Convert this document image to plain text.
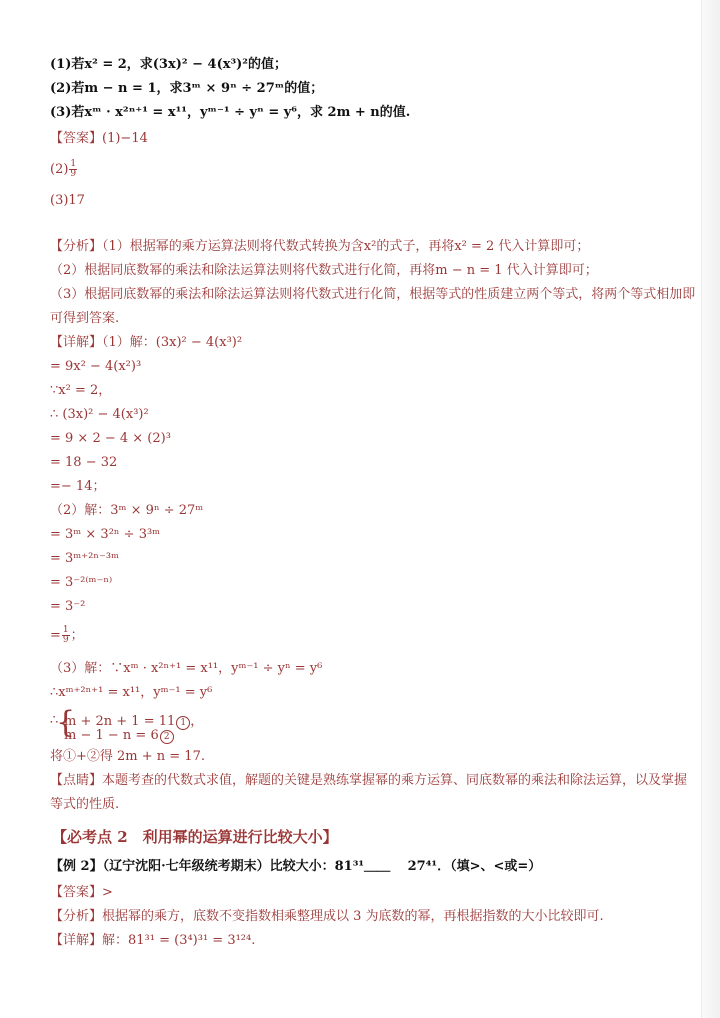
(1)若x² = 2，求(3x)² − 4(x³)²的值；
(2)若m − n = 1，求3ᵐ × 9ⁿ ÷ 27ᵐ的值；
(3)若xᵐ · x²ⁿ⁺¹ = x¹¹，yᵐ⁻¹ ÷ yⁿ = y⁶，求 2m + n的值.
【答案】(1)−14
$(2) \frac{1}{9}$
(3)17
【分析】（1）根据幂的乘方运算法则将代数式转换为含x²的式子，再将x² = 2 代入计算即可；
（2）根据同底数幂的乘法和除法运算法则将代数式进行化简，再将m − n = 1 代入计算即可；
（3）根据同底数幂的乘法和除法运算法则将代数式进行化简，根据等式的性质建立两个等式，将两个等式相加即
可得到答案.
【详解】（1）解：(3x)² − 4(x³)²
= 9x² − 4(x²)³
∵x² = 2，
∴ (3x)² − 4(x³)²
= 9 × 2 − 4 × (2)³
= 18 − 32
=− 14；
（2）解：3ᵐ × 9ⁿ ÷ 27ᵐ
= 3ᵐ × 3²ⁿ ÷ 3³ᵐ
= 3ᵐ⁺²ⁿ⁻³ᵐ
= 3⁻²⁽ᵐ⁻ⁿ⁾
= 3⁻²
= $\frac{1}{9}$ ；
（3）解：∵xᵐ · x²ⁿ⁺¹ = x¹¹，yᵐ⁻¹ ÷ yⁿ = y⁶
∴xᵐ⁺²ⁿ⁺¹ = x¹¹，yᵐ⁻¹ = y⁶
∴
{
m + 2n + 1 = 11 1 ，
m − 1 − n = 6 2
将①+②得 2m + n = 17.
【点睛】本题考查的代数式求值，解题的关键是熟练掌握幂的乘方运算、同底数幂的乘法和除法运算，以及掌握
等式的性质.
【必考点 2　利用幂的运算进行比较大小】
【例 2】（辽宁沈阳·七年级统考期末）比较大小：81³¹＿＿　 27⁴¹．（填>、<或=）
【答案】>
【分析】根据幂的乘方，底数不变指数相乘整理成以 3 为底数的幂，再根据指数的大小比较即可.
【详解】解：81³¹ = (3⁴)³¹ = 3¹²⁴.
